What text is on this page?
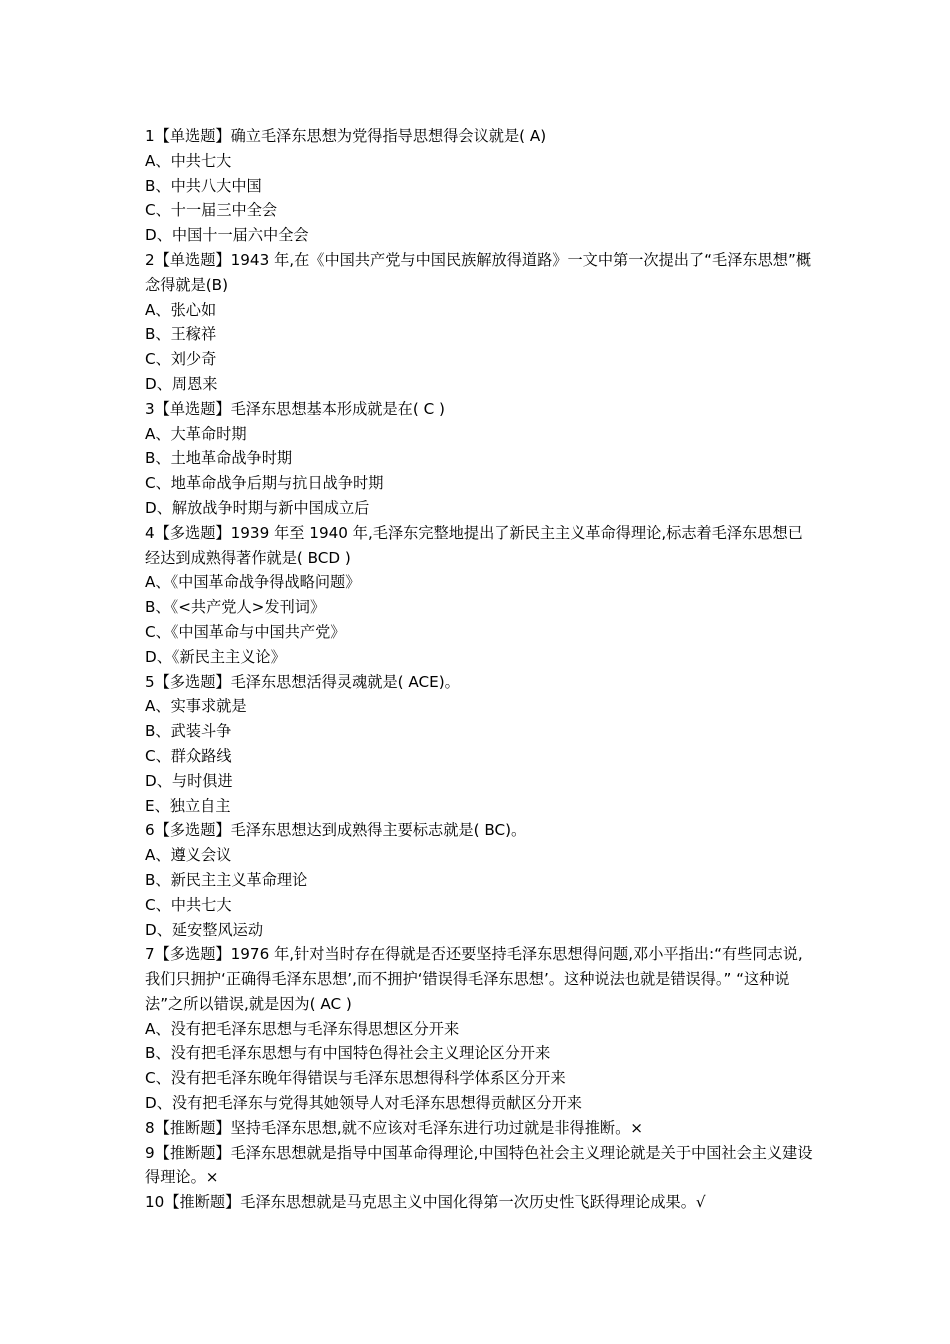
1【单选题】确立毛泽东思想为党得指导思想得会议就是( A)

A、中共七大

B、中共八大中国

C、十一届三中全会

D、中国十一届六中全会

2【单选题】1943 年,在《中国共产党与中国民族解放得道路》一文中第一次提出了“毛泽东思想”概念得就是(B)

A、张心如

B、王稼祥

C、刘少奇

D、周恩来

3【单选题】毛泽东思想基本形成就是在( C )

A、大革命时期

B、土地革命战争时期

C、地革命战争后期与抗日战争时期

D、解放战争时期与新中国成立后

4【多选题】1939 年至 1940 年,毛泽东完整地提出了新民主主义革命得理论,标志着毛泽东思想已经达到成熟得著作就是( BCD )

A、《中国革命战争得战略问题》

B、《<共产党人>发刊词》

C、《中国革命与中国共产党》

D、《新民主主义论》

5【多选题】毛泽东思想活得灵魂就是( ACE)。

A、实事求就是

B、武装斗争

C、群众路线

D、与时俱进

E、独立自主

6【多选题】毛泽东思想达到成熟得主要标志就是( BC)。

A、遵义会议

B、新民主主义革命理论

C、中共七大

D、延安整风运动

7【多选题】1976 年,针对当时存在得就是否还要坚持毛泽东思想得问题,邓小平指出:“有些同志说,我们只拥护‘正确得毛泽东思想’,而不拥护‘错误得毛泽东思想’。这种说法也就是错误得。” “这种说法”之所以错误,就是因为( AC )

A、没有把毛泽东思想与毛泽东得思想区分开来

B、没有把毛泽东思想与有中国特色得社会主义理论区分开来

C、没有把毛泽东晚年得错误与毛泽东思想得科学体系区分开来

D、没有把毛泽东与党得其她领导人对毛泽东思想得贡献区分开来

8【推断题】坚持毛泽东思想,就不应该对毛泽东进行功过就是非得推断。×

9【推断题】毛泽东思想就是指导中国革命得理论,中国特色社会主义理论就是关于中国社会主义建设得理论。×

10【推断题】毛泽东思想就是马克思主义中国化得第一次历史性飞跃得理论成果。√
